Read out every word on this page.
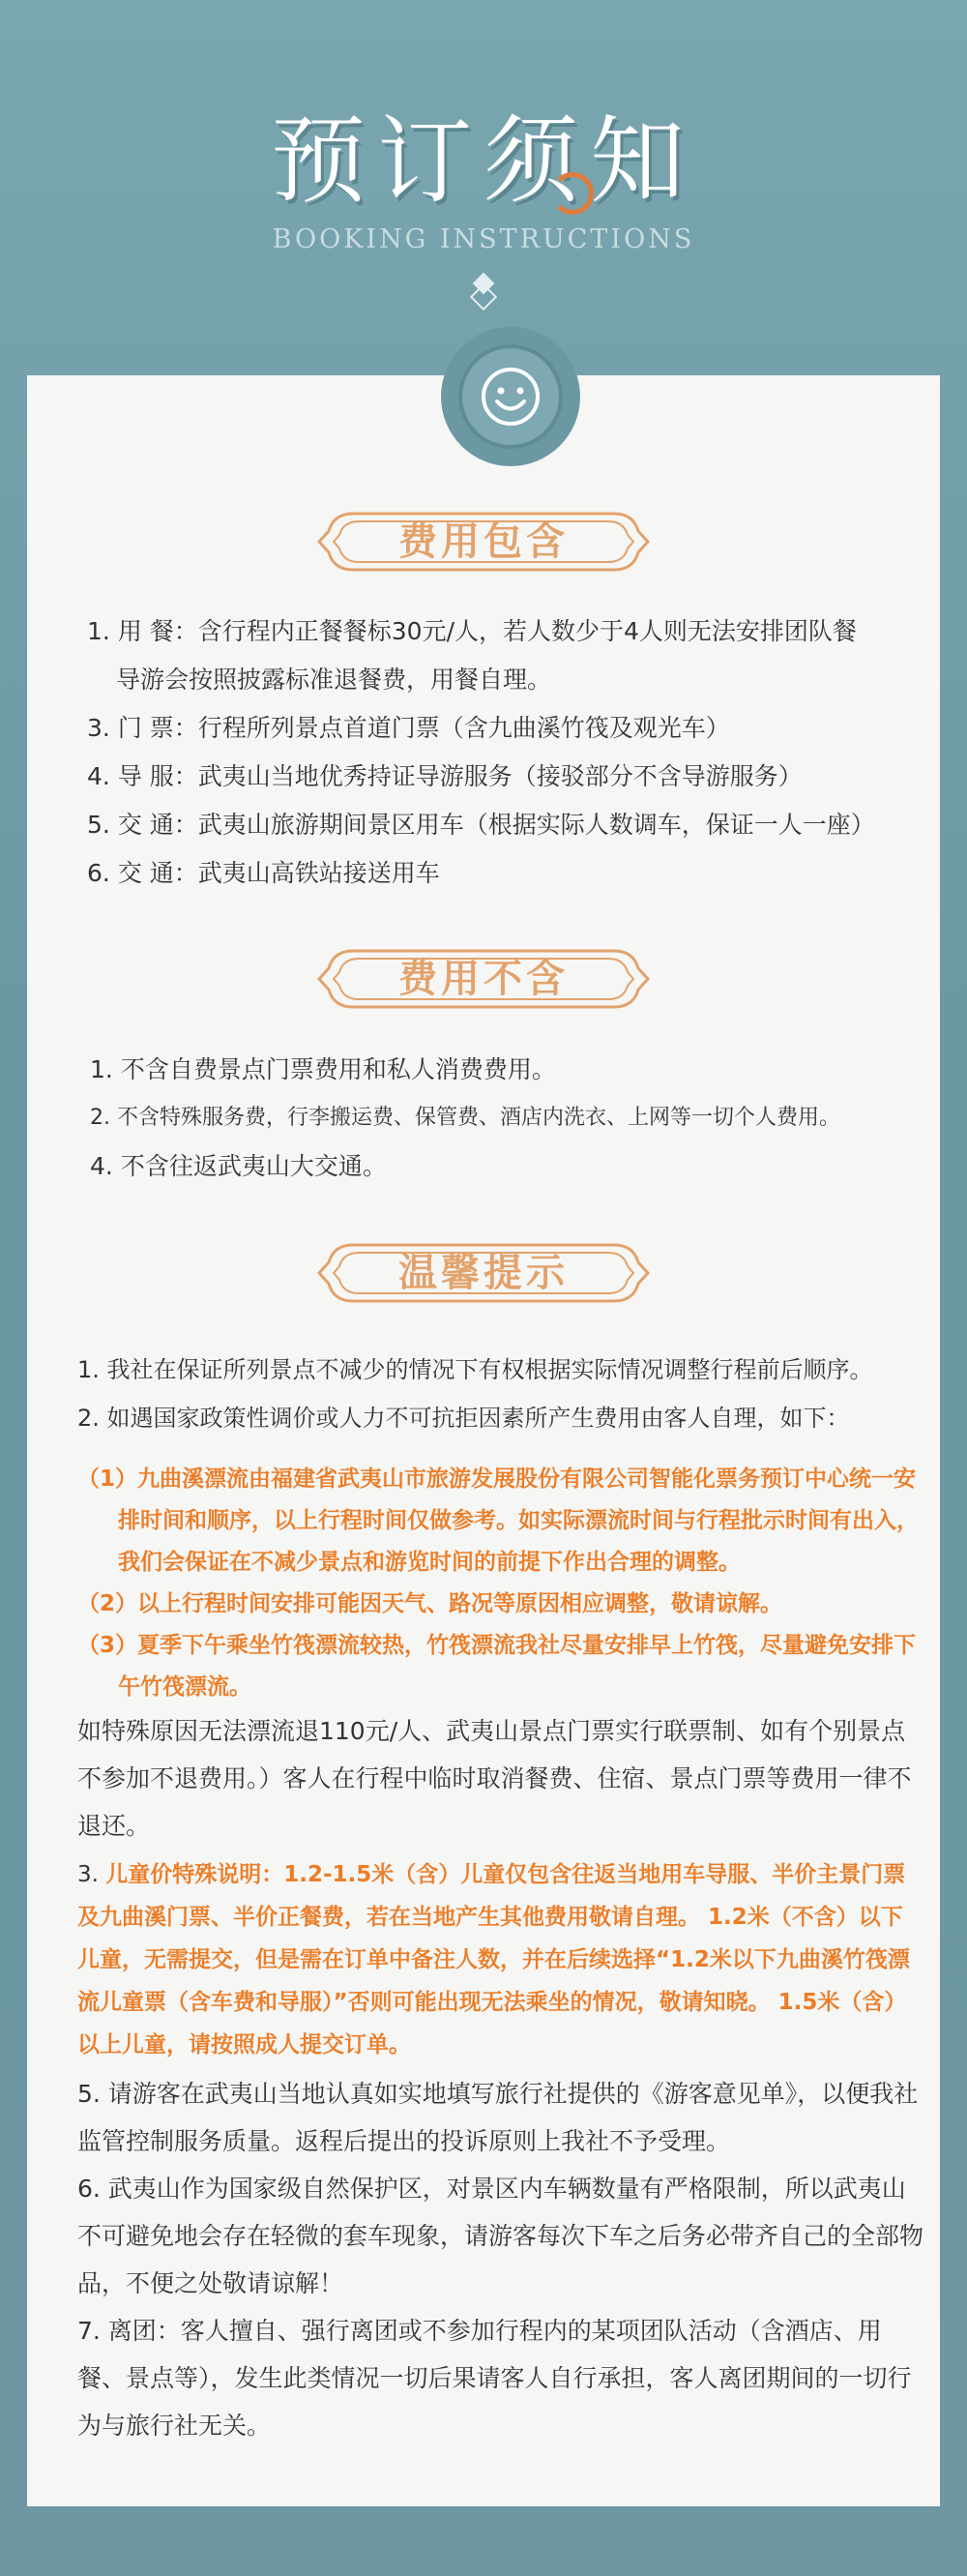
预订须知
BOOKING INSTRUCTIONS
费用包含
1. 用 餐：含行程内正餐餐标30元/人，若人数少于4人则无法安排团队餐
导游会按照披露标准退餐费，用餐自理。
3. 门 票：行程所列景点首道门票（含九曲溪竹筏及观光车）
4. 导 服：武夷山当地优秀持证导游服务（接驳部分不含导游服务）
5. 交 通：武夷山旅游期间景区用车（根据实际人数调车，保证一人一座）
6. 交 通：武夷山高铁站接送用车
费用不含
1. 不含自费景点门票费用和私人消费费用。
2. 不含特殊服务费，行李搬运费、保管费、酒店内洗衣、上网等一切个人费用。
4. 不含往返武夷山大交通。
温馨提示
1. 我社在保证所列景点不减少的情况下有权根据实际情况调整行程前后顺序。
2. 如遇国家政策性调价或人力不可抗拒因素所产生费用由客人自理，如下：
（1）九曲溪漂流由福建省武夷山市旅游发展股份有限公司智能化票务预订中心统一安排时间和顺序，以上行程时间仅做参考。如实际漂流时间与行程批示时间有出入，我们会保证在不减少景点和游览时间的前提下作出合理的调整。
（2）以上行程时间安排可能因天气、路况等原因相应调整，敬请谅解。
（3）夏季下午乘坐竹筏漂流较热，竹筏漂流我社尽量安排早上竹筏，尽量避免安排下午竹筏漂流。
如特殊原因无法漂流退110元/人、武夷山景点门票实行联票制、如有个别景点不参加不退费用。）客人在行程中临时取消餐费、住宿、景点门票等费用一律不退还。
3. 儿童价特殊说明：1.2-1.5米（含）儿童仅包含往返当地用车导服、半价主景门票及九曲溪门票、半价正餐费，若在当地产生其他费用敬请自理。 1.2米（不含）以下儿童，无需提交，但是需在订单中备注人数，并在后续选择“1.2米以下九曲溪竹筏漂流儿童票（含车费和导服）”否则可能出现无法乘坐的情况，敬请知晓。 1.5米（含）以上儿童，请按照成人提交订单。
5. 请游客在武夷山当地认真如实地填写旅行社提供的《游客意见单》，以便我社监管控制服务质量。返程后提出的投诉原则上我社不予受理。
6. 武夷山作为国家级自然保护区，对景区内车辆数量有严格限制，所以武夷山不可避免地会存在轻微的套车现象，请游客每次下车之后务必带齐自己的全部物品，不便之处敬请谅解！
7. 离团：客人擅自、强行离团或不参加行程内的某项团队活动（含酒店、用餐、景点等），发生此类情况一切后果请客人自行承担，客人离团期间的一切行为与旅行社无关。
